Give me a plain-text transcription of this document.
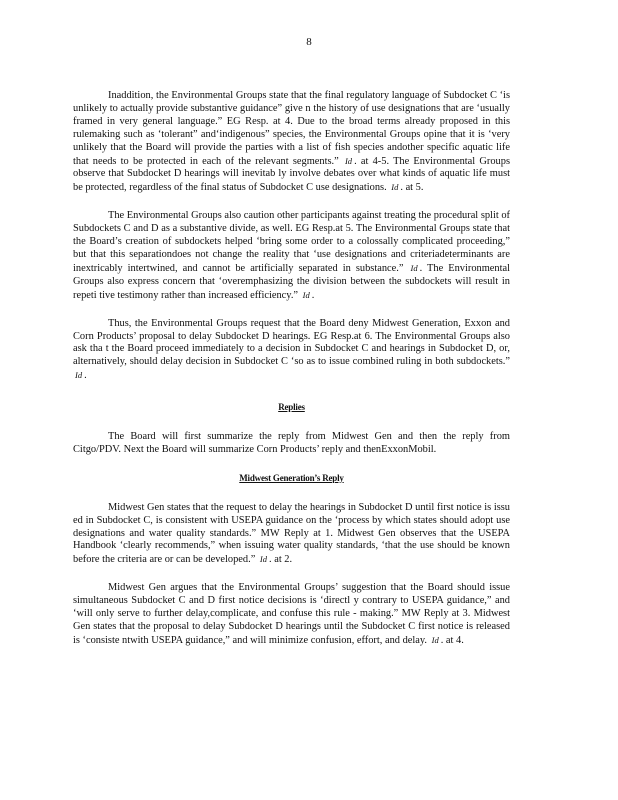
8

Inaddition, the Environmental Groups state that the final regulatory language of Subdocket C ‘is unlikely to actually provide substantive guidance” give n the history of use designations that are ‘usually framed in very general language.” EG Resp. at 4. Due to the broad terms already proposed in this rulemaking such as ‘tolerant” and‘indigenous” species, the Environmental Groups opine that it is ‘very unlikely that the Board will provide the parties with a list of fish species andother specific aquatic life that needs to be protected in each of the relevant segments.” Id . at 4-5. The Environmental Groups observe that Subdocket D hearings will inevitab ly involve debates over what kinds of aquatic life must be protected, regardless of the final status of Subdocket C use designations. Id . at 5.

The Environmental Groups also caution other participants against treating the procedural split of Subdockets C and D as a substantive divide, as well. EG Resp.at 5. The Environmental Groups state that the Board’s creation of subdockets helped ‘bring some order to a colossally complicated proceeding,” but that this separationdoes not change the reality that ‘use designations and criteriadeterminants are inextricably intertwined, and cannot be artificially separated in substance.” Id . The Environmental Groups also express concern that ‘overemphasizing the division between the subdockets will result in repeti tive testimony rather than increased efficiency.” Id .

Thus, the Environmental Groups request that the Board deny Midwest Generation, Exxon and Corn Products’ proposal to delay Subdocket D hearings. EG Resp.at 6. The Environmental Groups also ask tha t the Board proceed immediately to a decision in Subdocket C and hearings in Subdocket D, or, alternatively, should delay decision in Subdocket C ‘so as to issue combined ruling in both subdockets.” Id .

Replies

The Board will first summarize the reply from Midwest Gen and then the reply from Citgo/PDV. Next the Board will summarize Corn Products’ reply and thenExxonMobil.

Midwest Generation’s Reply

Midwest Gen states that the request to delay the hearings in Subdocket D until first notice is issu ed in Subdocket C, is consistent with USEPA guidance on the ‘process by which states should adopt use designations and water quality standards.” MW Reply at 1. Midwest Gen observes that the USEPA Handbook ‘clearly recommends,” when issuing water quality standards, ‘that the use should be known before the criteria are or can be developed.” Id . at 2.

Midwest Gen argues that the Environmental Groups’ suggestion that the Board should issue simultaneous Subdocket C and D first notice decisions is ‘directl y contrary to USEPA guidance,” and ‘will only serve to further delay,complicate, and confuse this rule - making.” MW Reply at 3. Midwest Gen states that the proposal to delay Subdocket D hearings until the Subdocket C first notice is released is ‘consiste ntwith USEPA guidance,” and will minimize confusion, effort, and delay. Id . at 4.
